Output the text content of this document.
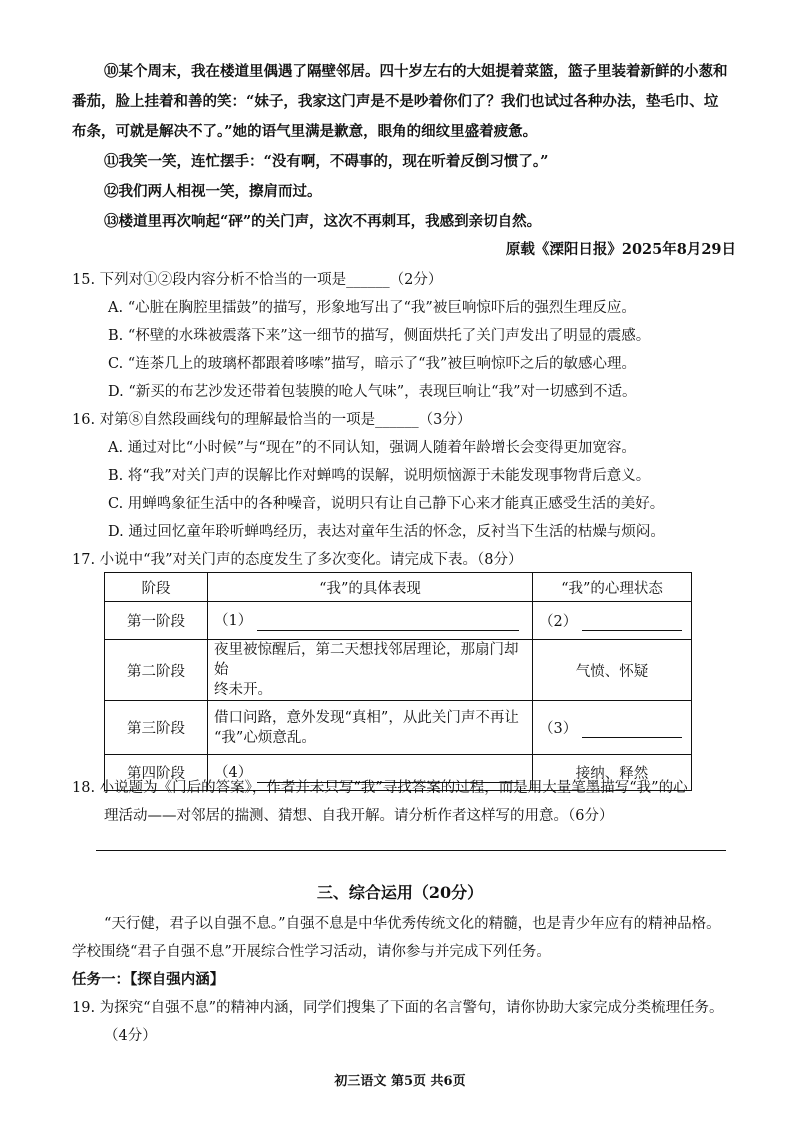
⑩某个周末，我在楼道里偶遇了隔壁邻居。四十岁左右的大姐提着菜篮，篮子里装着新鲜的小葱和
番茄，脸上挂着和善的笑：“妹子，我家这门声是不是吵着你们了？我们也试过各种办法，垫毛巾、垃
布条，可就是解决不了。”她的语气里满是歉意，眼角的细纹里盛着疲惫。
⑪我笑一笑，连忙摆手：“没有啊，不碍事的，现在听着反倒习惯了。”
⑫我们两人相视一笑，擦肩而过。
⑬楼道里再次响起“砰”的关门声，这次不再刺耳，我感到亲切自然。
原载《溧阳日报》2025年8月29日
15. 下列对①②段内容分析不恰当的一项是______（2分）
A. “心脏在胸腔里擂鼓”的描写，形象地写出了“我”被巨响惊吓后的强烈生理反应。
B. “杯壁的水珠被震落下来”这一细节的描写，侧面烘托了关门声发出了明显的震感。
C. “连茶几上的玻璃杯都跟着哆嗦”描写，暗示了“我”被巨响惊吓之后的敏感心理。
D. “新买的布艺沙发还带着包装膜的呛人气味”，表现巨响让“我”对一切感到不适。
16. 对第⑧自然段画线句的理解最恰当的一项是______（3分）
A. 通过对比“小时候”与“现在”的不同认知，强调人随着年龄增长会变得更加宽容。
B. 将“我”对关门声的误解比作对蝉鸣的误解，说明烦恼源于未能发现事物背后意义。
C. 用蝉鸣象征生活中的各种噪音，说明只有让自己静下心来才能真正感受生活的美好。
D. 通过回忆童年聆听蝉鸣经历，表达对童年生活的怀念，反衬当下生活的枯燥与烦闷。
17. 小说中“我”对关门声的态度发生了多次变化。请完成下表。（8分）
阶段	“我”的具体表现	“我”的心理状态
第一阶段	（1）	（2）
第二阶段	夜里被惊醒后，第二天想找邻居理论，那扇门却始
终未开。	气愤、怀疑
第三阶段	借口问路，意外发现“真相”，从此关门声不再让
“我”心烦意乱。	（3）
第四阶段	（4）	接纳、释然
18. 小说题为《门后的答案》，作者并未只写“我”寻找答案的过程，而是用大量笔墨描写“我”的心
理活动——对邻居的揣测、猜想、自我开解。请分析作者这样写的用意。（6分）
三、综合运用（20分）
“天行健，君子以自强不息。”自强不息是中华优秀传统文化的精髓，也是青少年应有的精神品格。
学校围绕“君子自强不息”开展综合性学习活动，请你参与并完成下列任务。
任务一：【探自强内涵】
19. 为探究“自强不息”的精神内涵，同学们搜集了下面的名言警句，请你协助大家完成分类梳理任务。
（4分）
初三语文 第5页 共6页
